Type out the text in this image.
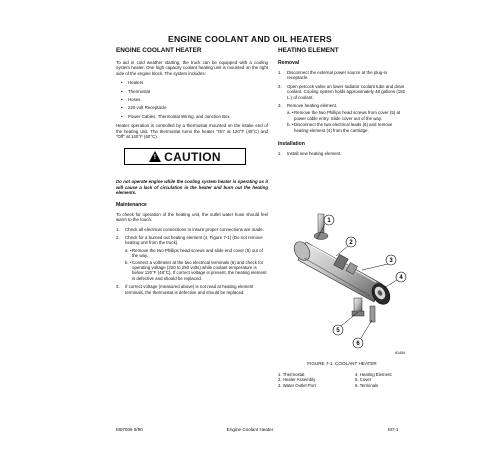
ENGINE COOLANT AND OIL HEATERS
ENGINE COOLANT HEATER

To aid in cold weather starting, the truck can be equipped with a cooling system heater. One high capacity coolant heating unit is mounted on the right side of the engine block. The system includes:

• Heaters
• Thermostat
• Hoses
• 220 volt Receptacle
• Power Cables, Thermostat Wiring, and Junction Box

Heater operation is controlled by a thermostat mounted on the intake end of the heating unit. The thermostat turns the heater "On" at 120°F (48°C) and "Off" at 140°F (60°C).

! CAUTION

Do not operate engine while the cooling system heater is operating as it will cause a lack of circulation in the heater and burn out the heating elements.

Maintenance

To check for operation of the heating unit, the outlet water hose should feel warm to the touch.

1. Check all electrical connections to insure proper connections are made.
2. Check for a burned out heating element (4, Figure 7-1) (Do not remove heating unit from the truck).
• a. Remove the two Phillips head screws and slide end cover (5) out of the way.
• b. Connect a voltmeter at the two electrical terminals (6) and check for operating voltage (220 to 250 volts) while coolant temperature is below 120°F (48°C). If correct voltage is present, the heating element is defective and should be replaced.
3. If correct voltage (measured above) is not read at heating element terminals, the thermostat is defective and should be replaced.
HEATING ELEMENT
Removal
1. Disconnect the external power source at the plug-in receptacle.
2. Open petcock valve on lower radiator coolant tube and drain coolant. Cooling system holds approximately 48 gallons (182 L.) of coolant.
3. Remove heating element.
• a. Remove the two Phillips head screws from cover (5) at power cable entry. Slide cover out of the way.
• b. Disconnect the two electrical leads (6) and remove heating element (4) from the cartridge.
Installation
1. Install new heating element.
1
2
3
4
5
6
61404
FIGURE 7-1. COOLANT HEATER
1. Thermostat
2. Heater Assembly
3. Water Outlet Port
4. Heating Element
5. Cover
6. Terminals
M07006 9/90	Engine Coolant Heater	M7-1
